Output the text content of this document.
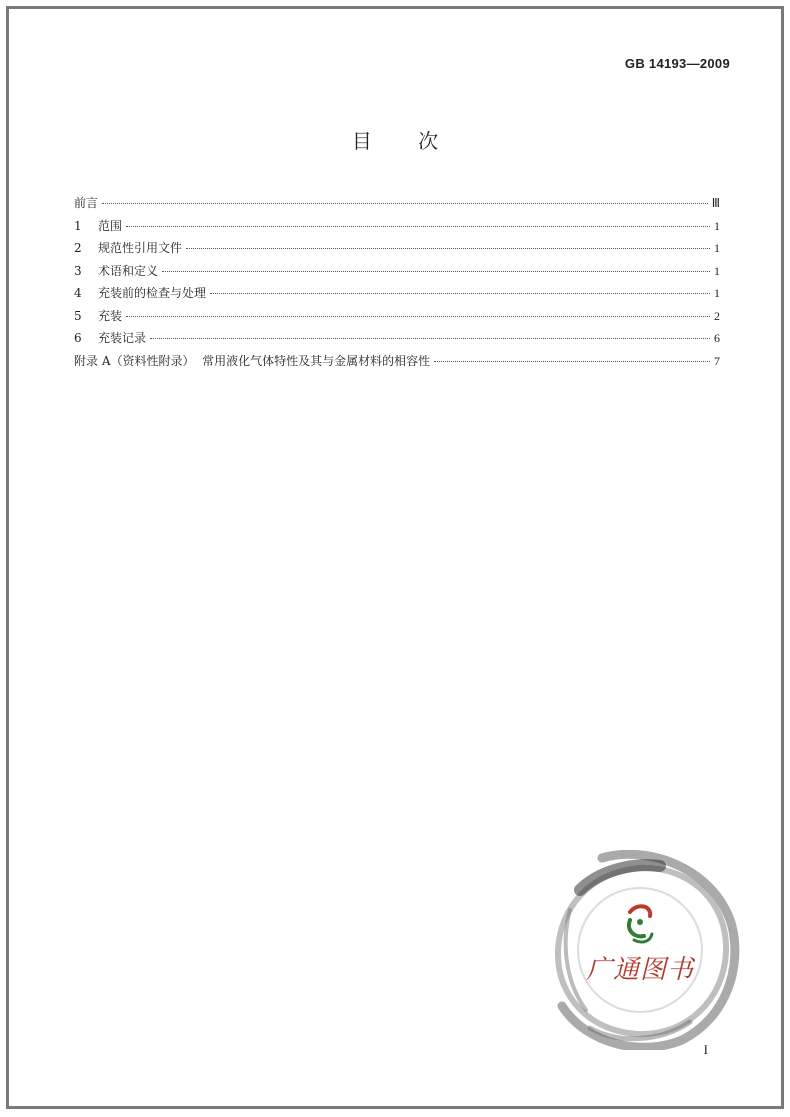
GB 14193—2009
目 次
前言	Ⅲ
1	范围	1
2	规范性引用文件	1
3	术语和定义	1
4	充装前的检查与处理	1
5	充装	2
6	充装记录	6
附录 A（资料性附录）  常用液化气体特性及其与金属材料的相容性	7
广通图书
I
